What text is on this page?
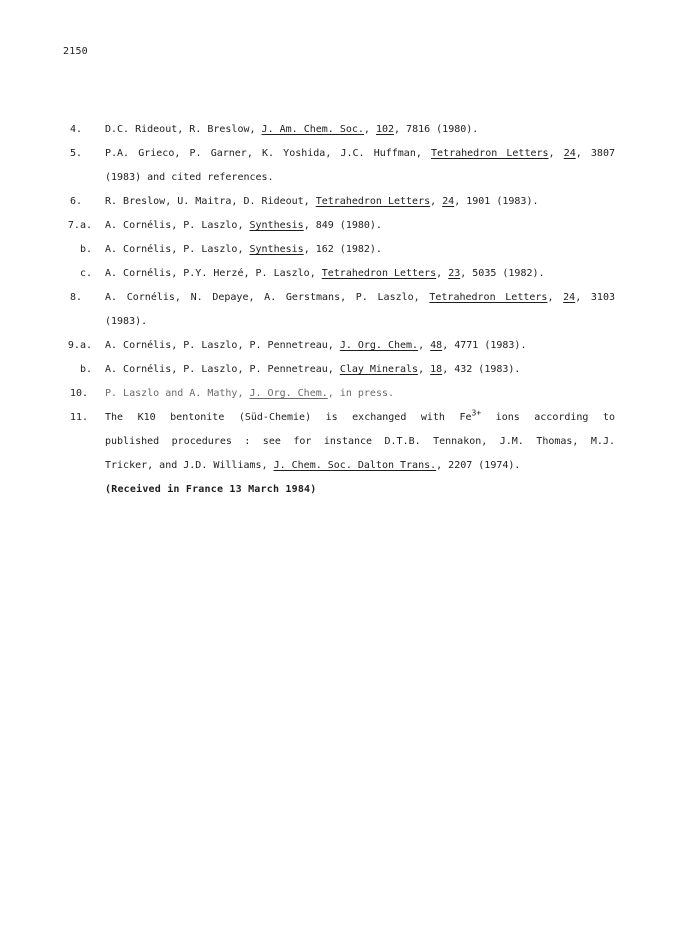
2150
4. D.C. Rideout, R. Breslow, J. Am. Chem. Soc., 102, 7816 (1980).
5. P.A. Grieco, P. Garner, K. Yoshida, J.C. Huffman, Tetrahedron Letters, 24, 3807
(1983) and cited references.
6. R. Breslow, U. Maitra, D. Rideout, Tetrahedron Letters, 24, 1901 (1983).
7.a. A. Cornélis, P. Laszlo, Synthesis, 849 (1980).
b. A. Cornélis, P. Laszlo, Synthesis, 162 (1982).
c. A. Cornélis, P.Y. Herzé, P. Laszlo, Tetrahedron Letters, 23, 5035 (1982).
8. A. Cornélis, N. Depaye, A. Gerstmans, P. Laszlo, Tetrahedron Letters, 24, 3103
(1983).
9.a. A. Cornélis, P. Laszlo, P. Pennetreau, J. Org. Chem., 48, 4771 (1983).
b. A. Cornélis, P. Laszlo, P. Pennetreau, Clay Minerals, 18, 432 (1983).
10. P. Laszlo and A. Mathy, J. Org. Chem., in press.
11. The K10 bentonite (Süd-Chemie) is exchanged with $Fe^{3+}$ ions according to
published procedures : see for instance D.T.B. Tennakon, J.M. Thomas, M.J.
Tricker, and J.D. Williams, J. Chem. Soc. Dalton Trans., 2207 (1974).
(Received in France 13 March 1984)
